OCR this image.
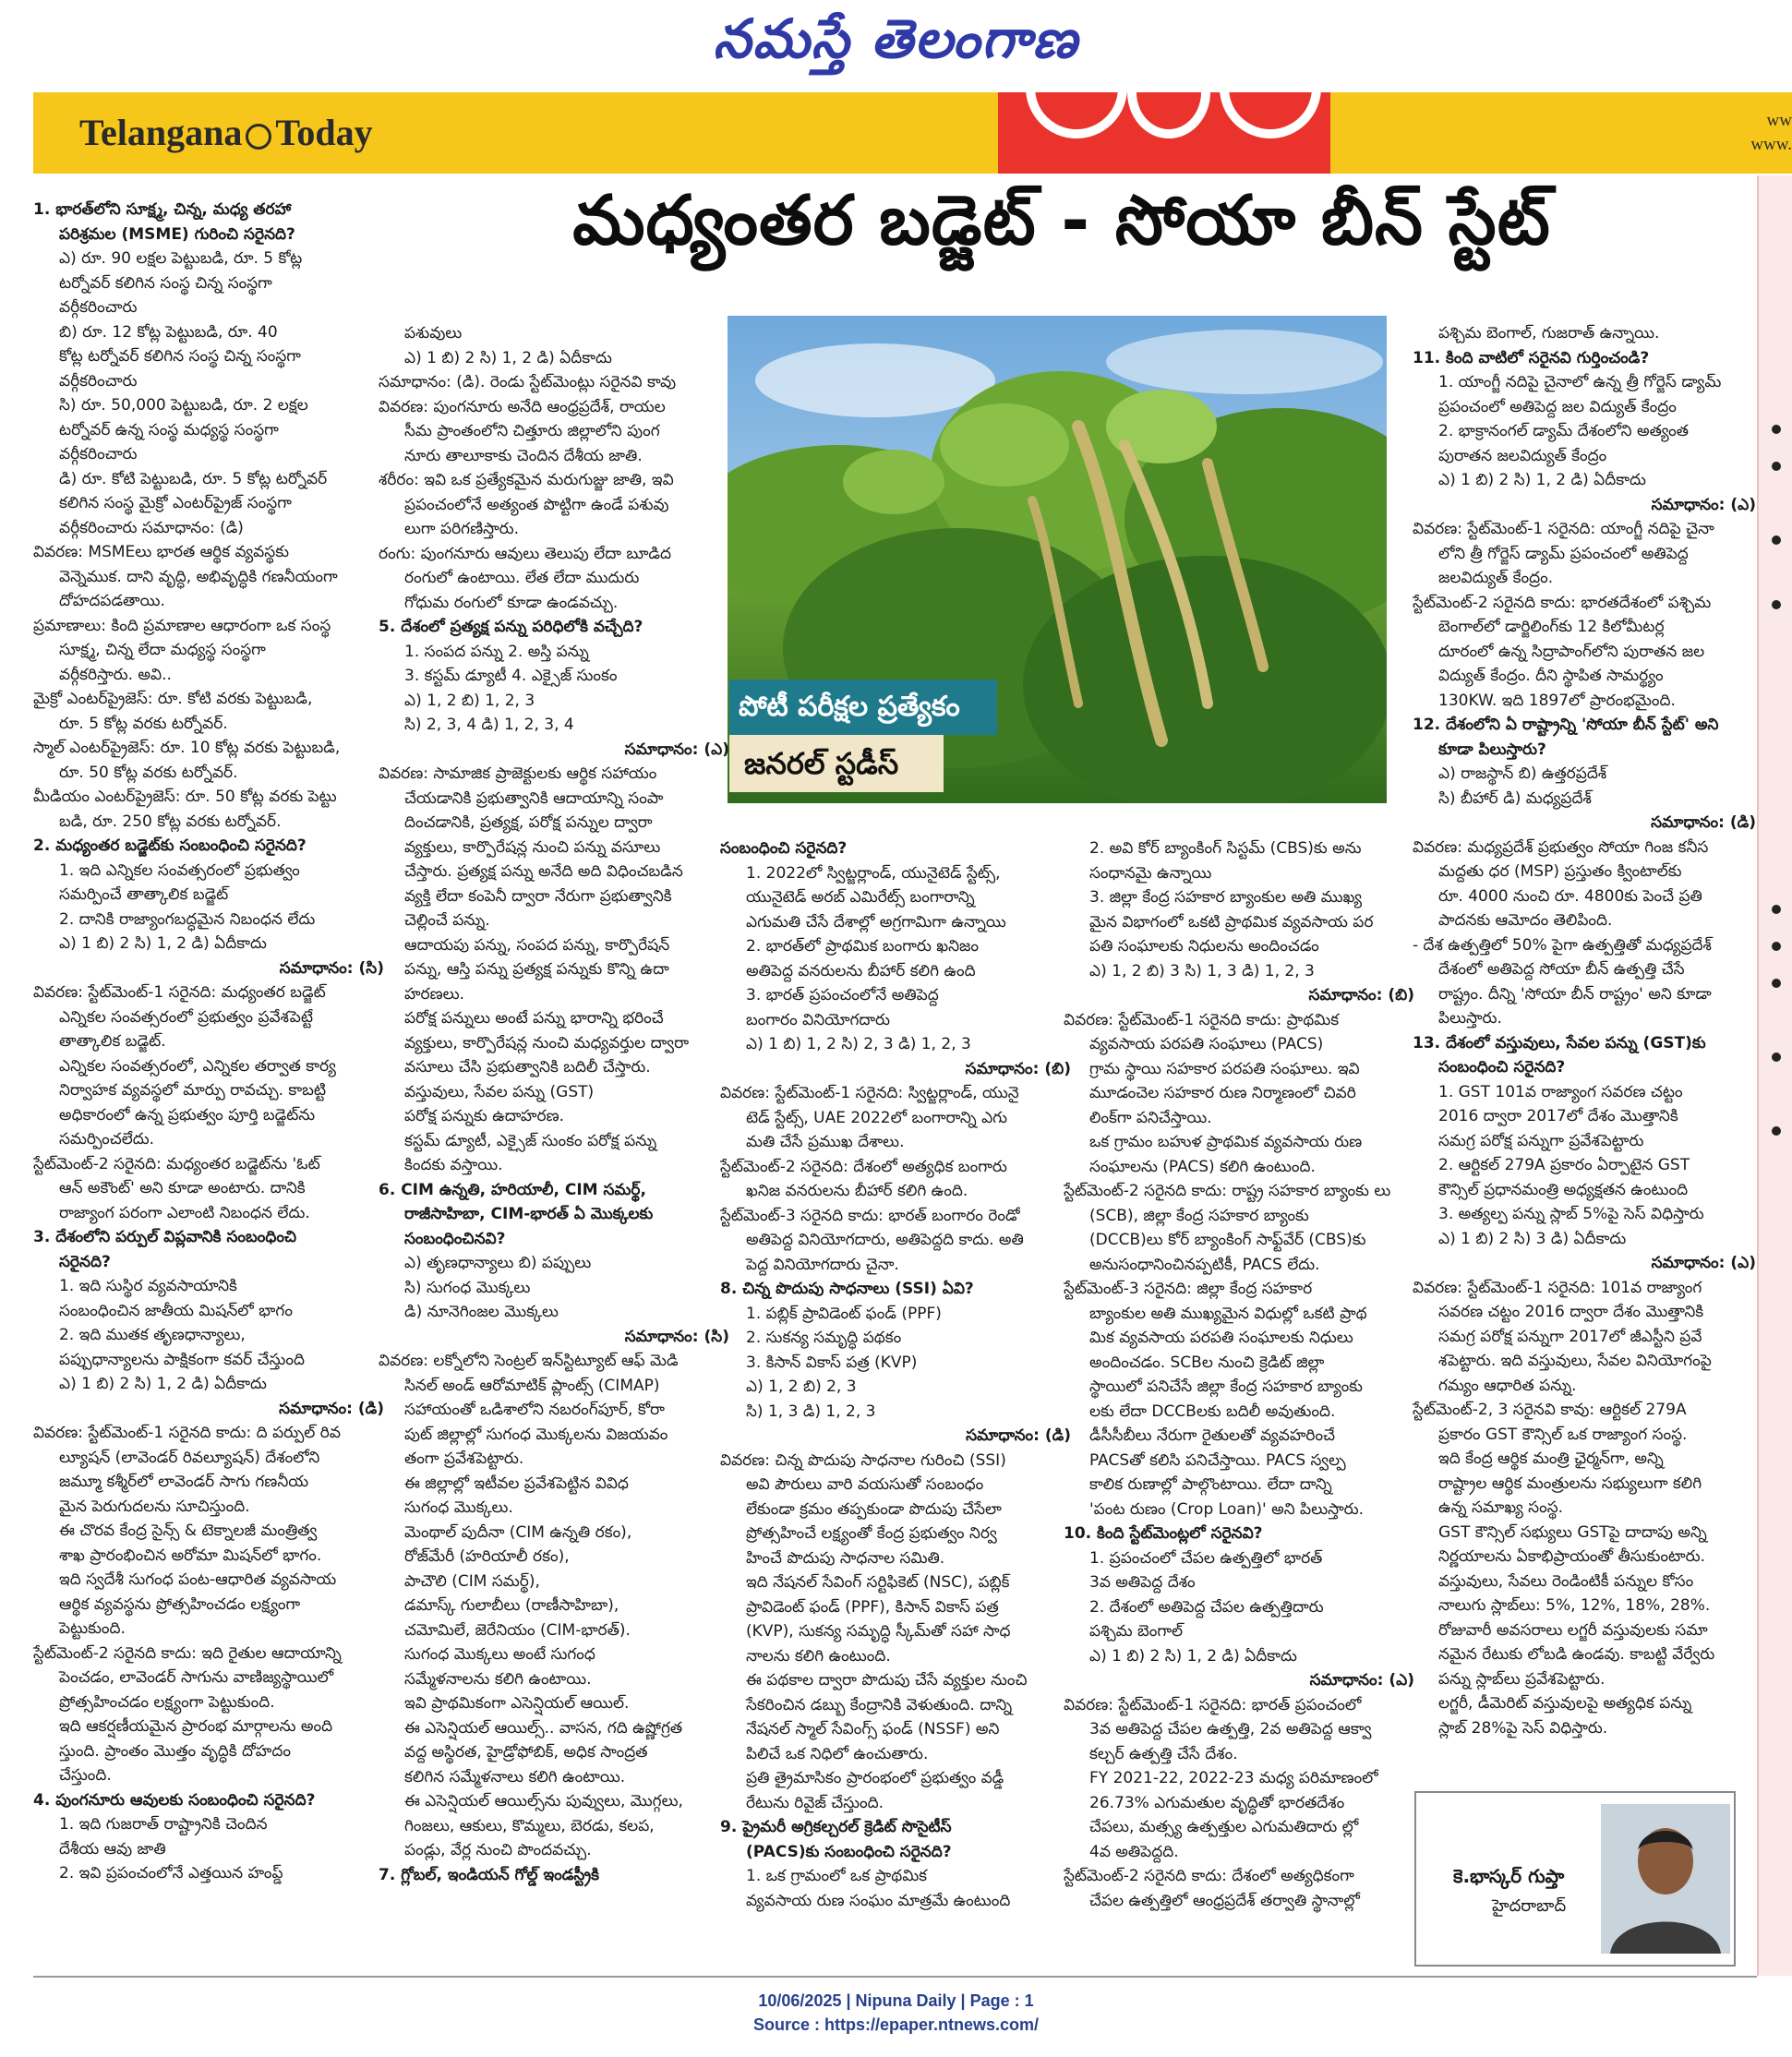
నమస్తే తెలంగాణ
Telangana Today	ww
www.
మధ్యంతర బడ్జెట్ - సోయా బీన్ స్టేట్
పోటీ పరీక్షల ప్రత్యేకం
జనరల్ స్టడీస్

1. భారత్‌లోని సూక్ష్మ, చిన్న, మధ్య తరహా

పరిశ్రమల (MSME) గురించి సరైనది?

ఎ) రూ. 90 లక్షల పెట్టుబడి, రూ. 5 కోట్ల

టర్నోవర్ కలిగిన సంస్థ చిన్న సంస్థగా

వర్గీకరించారు

బి) రూ. 12 కోట్ల పెట్టుబడి, రూ. 40

కోట్ల టర్నోవర్ కలిగిన సంస్థ చిన్న సంస్థగా

వర్గీకరించారు

సి) రూ. 50,000 పెట్టుబడి, రూ. 2 లక్షల

టర్నోవర్ ఉన్న సంస్థ మధ్యస్థ సంస్థగా

వర్గీకరించారు

డి) రూ. కోటి పెట్టుబడి, రూ. 5 కోట్ల టర్నోవర్

కలిగిన సంస్థ మైక్రో ఎంటర్‌ప్రైజ్ సంస్థగా

వర్గీకరించారు సమాధానం: (డి)

వివరణ: MSMEలు భారత ఆర్థిక వ్యవస్థకు

వెన్నెముక. దాని వృద్ధి, అభివృద్ధికి గణనీయంగా

దోహదపడతాయి.

ప్రమాణాలు: కింది ప్రమాణాల ఆధారంగా ఒక సంస్థ

సూక్ష్మ, చిన్న లేదా మధ్యస్థ సంస్థగా

వర్గీకరిస్తారు. అవి..

మైక్రో ఎంటర్‌ప్రైజెస్: రూ. కోటి వరకు పెట్టుబడి,

రూ. 5 కోట్ల వరకు టర్నోవర్.

స్మాల్ ఎంటర్‌ప్రైజెస్: రూ. 10 కోట్ల వరకు పెట్టుబడి,

రూ. 50 కోట్ల వరకు టర్నోవర్.

మీడియం ఎంటర్‌ప్రైజెస్: రూ. 50 కోట్ల వరకు పెట్టు

బడి, రూ. 250 కోట్ల వరకు టర్నోవర్.

2. మధ్యంతర బడ్జెట్‌కు సంబంధించి సరైనది?

1. ఇది ఎన్నికల సంవత్సరంలో ప్రభుత్వం

సమర్పించే తాత్కాలిక బడ్జెట్

2. దానికి రాజ్యాంగబద్ధమైన నిబంధన లేదు

ఎ) 1 బి) 2 సి) 1, 2 డి) ఏదీకాదు

సమాధానం: (సి)

వివరణ: స్టేట్‌మెంట్-1 సరైనది: మధ్యంతర బడ్జెట్

ఎన్నికల సంవత్సరంలో ప్రభుత్వం ప్రవేశపెట్టే

తాత్కాలిక బడ్జెట్.

ఎన్నికల సంవత్సరంలో, ఎన్నికల తర్వాత కార్య

నిర్వాహక వ్యవస్థలో మార్పు రావచ్చు. కాబట్టి

అధికారంలో ఉన్న ప్రభుత్వం పూర్తి బడ్జెట్‌ను

సమర్పించలేదు.

స్టేట్‌మెంట్-2 సరైనది: మధ్యంతర బడ్జెట్‌ను 'ఓట్

ఆన్ అకౌంట్' అని కూడా అంటారు. దానికి

రాజ్యాంగ పరంగా ఎలాంటి నిబంధన లేదు.

3. దేశంలోని పర్పుల్ విప్లవానికి సంబంధించి

సరైనది?

1. ఇది సుస్థిర వ్యవసాయానికి

సంబంధించిన జాతీయ మిషన్‌లో భాగం

2. ఇది ముతక తృణధాన్యాలు,

పప్పుధాన్యాలను పాక్షికంగా కవర్ చేస్తుంది

ఎ) 1 బి) 2 సి) 1, 2 డి) ఏదీకాదు

సమాధానం: (డి)

వివరణ: స్టేట్‌మెంట్-1 సరైనది కాదు: ది పర్పుల్ రివ

ల్యూషన్ (లావెండర్ రివల్యూషన్) దేశంలోని

జమ్మూ కశ్మీర్‌లో లావెండర్ సాగు గణనీయ

మైన పెరుగుదలను సూచిస్తుంది.

ఈ చొరవ కేంద్ర సైన్స్ & టెక్నాలజీ మంత్రిత్వ

శాఖ ప్రారంభించిన అరోమా మిషన్‌లో భాగం.

ఇది స్వదేశీ సుగంధ పంట-ఆధారిత వ్యవసాయ

ఆర్థిక వ్యవస్థను ప్రోత్సహించడం లక్ష్యంగా

పెట్టుకుంది.

స్టేట్‌మెంట్-2 సరైనది కాదు: ఇది రైతుల ఆదాయాన్ని

పెంచడం, లావెండర్ సాగును వాణిజ్యస్థాయిలో

ప్రోత్సహించడం లక్ష్యంగా పెట్టుకుంది.

ఇది ఆకర్షణీయమైన ప్రారంభ మార్గాలను అంది

స్తుంది. ప్రాంతం మొత్తం వృద్ధికి దోహదం

చేస్తుంది.

4. పుంగనూరు ఆవులకు సంబంధించి సరైనది?

1. ఇది గుజరాత్ రాష్ట్రానికి చెందిన

దేశీయ ఆవు జాతి

2. ఇవి ప్రపంచంలోనే ఎత్తయిన హంప్డ్

పశువులు

ఎ) 1 బి) 2 సి) 1, 2 డి) ఏదీకాదు

సమాధానం: (డి). రెండు స్టేట్‌మెంట్లు సరైనవి కావు

వివరణ: పుంగనూరు అనేది ఆంధ్రప్రదేశ్, రాయల

సీమ ప్రాంతంలోని చిత్తూరు జిల్లాలోని పుంగ

నూరు తాలూకాకు చెందిన దేశీయ జాతి.

శరీరం: ఇవి ఒక ప్రత్యేకమైన మరుగుజ్జు జాతి, ఇవి

ప్రపంచంలోనే అత్యంత పొట్టిగా ఉండే పశువు

లుగా పరిగణిస్తారు.

రంగు: పుంగనూరు ఆవులు తెలుపు లేదా బూడిద

రంగులో ఉంటాయి. లేత లేదా ముదురు

గోధుమ రంగులో కూడా ఉండవచ్చు.

5. దేశంలో ప్రత్యక్ష పన్ను పరిధిలోకి వచ్చేది?

1. సంపద పన్ను 2. అస్తి పన్ను

3. కస్టమ్ డ్యూటీ 4. ఎక్సైజ్ సుంకం

ఎ) 1, 2 బి) 1, 2, 3

సి) 2, 3, 4 డి) 1, 2, 3, 4

సమాధానం: (ఎ)

వివరణ: సామాజిక ప్రాజెక్టులకు ఆర్థిక సహాయం

చేయడానికి ప్రభుత్వానికి ఆదాయాన్ని సంపా

దించడానికి, ప్రత్యక్ష, పరోక్ష పన్నుల ద్వారా

వ్యక్తులు, కార్పొరేషన్ల నుంచి పన్ను వసూలు

చేస్తారు. ప్రత్యక్ష పన్ను అనేది అది విధించబడిన

వ్యక్తి లేదా కంపెనీ ద్వారా నేరుగా ప్రభుత్వానికి

చెల్లించే పన్ను.

ఆదాయపు పన్ను, సంపద పన్ను, కార్పొరేషన్

పన్ను, ఆస్తి పన్ను ప్రత్యక్ష పన్నుకు కొన్ని ఉదా

హరణలు.

పరోక్ష పన్నులు అంటే పన్ను భారాన్ని భరించే

వ్యక్తులు, కార్పొరేషన్ల నుంచి మధ్యవర్తుల ద్వారా

వసూలు చేసి ప్రభుత్వానికి బదిలీ చేస్తారు.

వస్తువులు, సేవల పన్ను (GST)

పరోక్ష పన్నుకు ఉదాహరణ.

కస్టమ్ డ్యూటీ, ఎక్సైజ్ సుంకం పరోక్ష పన్ను

కిందకు వస్తాయి.

6. CIM ఉన్నతి, హరియాలీ, CIM సమర్థ్,

రాజీసాహిబా, CIM-భారత్ ఏ మొక్కలకు

సంబంధించినవి?

ఎ) తృణధాన్యాలు బి) పప్పులు

సి) సుగంధ మొక్కలు

డి) నూనెగింజల మొక్కలు

సమాధానం: (సి)

వివరణ: లక్నోలోని సెంట్రల్ ఇన్‌స్టిట్యూట్ ఆఫ్ మెడి

సినల్ అండ్ ఆరోమాటిక్ ప్లాంట్స్ (CIMAP)

సహాయంతో ఒడిశాలోని నబరంగ్‌పూర్, కోరా

పుట్ జిల్లాల్లో సుగంధ మొక్కలను విజయవం

తంగా ప్రవేశపెట్టారు.

ఈ జిల్లాల్లో ఇటీవల ప్రవేశపెట్టిన వివిధ

సుగంధ మొక్కలు.

మెంథాల్ పుదీనా (CIM ఉన్నతి రకం),

రోజ్‌మేరీ (హరియాలీ రకం),

పాచౌలి (CIM సమర్థ్),

డమాస్క్ గులాబీలు (రాణీసాహిబా),

చమోమిలే, జెరేనియం (CIM-భారత్).

సుగంధ మొక్కలు అంటే సుగంధ

సమ్మేళనాలను కలిగి ఉంటాయి.

ఇవి ప్రాథమికంగా ఎసెన్షియల్ ఆయిల్.

ఈ ఎసెన్షియల్ ఆయిల్స్.. వాసన, గది ఉష్ణోగ్రత

వద్ద అస్థిరత, హైడ్రోఫోబిక్, అధిక సాంద్రత

కలిగిన సమ్మేళనాలు కలిగి ఉంటాయి.

ఈ ఎసెన్షియల్ ఆయిల్స్‌ను పువ్వులు, మొగ్గలు,

గింజలు, ఆకులు, కొమ్మలు, బెరడు, కలప,

పండ్లు, వేర్ల నుంచి పొందవచ్చు.

7. గ్లోబల్, ఇండియన్ గోల్డ్ ఇండస్ట్రీకి

సంబంధించి సరైనది?

1. 2022లో స్విట్జర్లాండ్, యునైటెడ్ స్టేట్స్,

యునైటెడ్ అరబ్ ఎమిరేట్స్ బంగారాన్ని

ఎగుమతి చేసే దేశాల్లో అగ్రగామిగా ఉన్నాయి

2. భారత్‌లో ప్రాథమిక బంగారు ఖనిజం

అతిపెద్ద వనరులను బీహార్ కలిగి ఉంది

3. భారత్ ప్రపంచంలోనే అతిపెద్ద

బంగారం వినియోగదారు

ఎ) 1 బి) 1, 2 సి) 2, 3 డి) 1, 2, 3

సమాధానం: (బి)

వివరణ: స్టేట్‌మెంట్-1 సరైనది: స్విట్జర్లాండ్, యునై

టెడ్ స్టేట్స్, UAE 2022లో బంగారాన్ని ఎగు

మతి చేసే ప్రముఖ దేశాలు.

స్టేట్‌మెంట్-2 సరైనది: దేశంలో అత్యధిక బంగారు

ఖనిజ వనరులను బీహార్ కలిగి ఉంది.

స్టేట్‌మెంట్-3 సరైనది కాదు: భారత్ బంగారం రెండో

అతిపెద్ద వినియోగదారు, అతిపెద్దది కాదు. అతి

పెద్ద వినియోగదారు చైనా.

8. చిన్న పొదుపు సాధనాలు (SSI) ఏవి?

1. పబ్లిక్ ప్రావిడెంట్ ఫండ్ (PPF)

2. సుకన్య సమృద్ధి పథకం

3. కిసాన్ వికాస్ పత్ర (KVP)

ఎ) 1, 2 బి) 2, 3

సి) 1, 3 డి) 1, 2, 3

సమాధానం: (డి)

వివరణ: చిన్న పొదుపు సాధనాల గురించి (SSI)

అవి పౌరులు వారి వయసుతో సంబంధం

లేకుండా క్రమం తప్పకుండా పొదుపు చేసేలా

ప్రోత్సహించే లక్ష్యంతో కేంద్ర ప్రభుత్వం నిర్వ

హించే పొదుపు సాధనాల సమితి.

ఇది నేషనల్ సేవింగ్ సర్టిఫికెట్ (NSC), పబ్లిక్

ప్రావిడెంట్ ఫండ్ (PPF), కిసాన్ వికాస్ పత్ర

(KVP), సుకన్య సమృద్ధి స్కీమ్‌తో సహా సాధ

నాలను కలిగి ఉంటుంది.

ఈ పథకాల ద్వారా పొదుపు చేసే వ్యక్తుల నుంచి

సేకరించిన డబ్బు కేంద్రానికి వెళుతుంది. దాన్ని

నేషనల్ స్మాల్ సేవింగ్స్ ఫండ్ (NSSF) అని

పిలిచే ఒక నిధిలో ఉంచుతారు.

ప్రతి త్రైమాసికం ప్రారంభంలో ప్రభుత్వం వడ్డీ

రేటును రివైజ్ చేస్తుంది.

9. ప్రైమరీ అగ్రికల్చరల్ క్రెడిట్ సొసైటీస్

(PACS)కు సంబంధించి సరైనది?

1. ఒక గ్రామంలో ఒక ప్రాథమిక

వ్యవసాయ రుణ సంఘం మాత్రమే ఉంటుంది

2. అవి కోర్ బ్యాంకింగ్ సిస్టమ్ (CBS)కు అను

సంధానమై ఉన్నాయి

3. జిల్లా కేంద్ర సహకార బ్యాంకుల అతి ముఖ్య

మైన విభాగంలో ఒకటి ప్రాథమిక వ్యవసాయ పర

పతి సంఘాలకు నిధులను అందించడం

ఎ) 1, 2 బి) 3 సి) 1, 3 డి) 1, 2, 3

సమాధానం: (బి)

వివరణ: స్టేట్‌మెంట్-1 సరైనది కాదు: ప్రాథమిక

వ్యవసాయ పరపతి సంఘాలు (PACS)

గ్రామ స్థాయి సహకార పరపతి సంఘాలు. ఇవి

మూడంచెల సహకార రుణ నిర్మాణంలో చివరి

లింక్‌గా పనిచేస్తాయి.

ఒక గ్రామం బహుళ ప్రాథమిక వ్యవసాయ రుణ

సంఘాలను (PACS) కలిగి ఉంటుంది.

స్టేట్‌మెంట్-2 సరైనది కాదు: రాష్ట్ర సహకార బ్యాంకు లు

(SCB), జిల్లా కేంద్ర సహకార బ్యాంకు

(DCCB)లు కోర్ బ్యాంకింగ్ సాఫ్ట్‌వేర్ (CBS)కు

అనుసంధానించినప్పటికీ, PACS లేదు.

స్టేట్‌మెంట్-3 సరైనది: జిల్లా కేంద్ర సహకార

బ్యాంకుల అతి ముఖ్యమైన విధుల్లో ఒకటి ప్రాథ

మిక వ్యవసాయ పరపతి సంఘాలకు నిధులు

అందించడం. SCBల నుంచి క్రెడిట్ జిల్లా

స్థాయిలో పనిచేసే జిల్లా కేంద్ర సహకార బ్యాంకు

లకు లేదా DCCBలకు బదిలీ అవుతుంది.

డీసీసీబీలు నేరుగా రైతులతో వ్యవహరించే

PACSతో కలిసి పనిచేస్తాయి. PACS స్వల్ప

కాలిక రుణాల్లో పాల్గొంటాయి. లేదా దాన్ని

'పంట రుణం (Crop Loan)' అని పిలుస్తారు.

10. కింది స్టేట్‌మెంట్లలో సరైనవి?

1. ప్రపంచంలో చేపల ఉత్పత్తిలో భారత్

3వ అతిపెద్ద దేశం

2. దేశంలో అతిపెద్ద చేపల ఉత్పత్తిదారు

పశ్చిమ బెంగాల్

ఎ) 1 బి) 2 సి) 1, 2 డి) ఏదీకాదు

సమాధానం: (ఎ)

వివరణ: స్టేట్‌మెంట్-1 సరైనది: భారత్ ప్రపంచంలో

3వ అతిపెద్ద చేపల ఉత్పత్తి, 2వ అతిపెద్ద ఆక్వా

కల్చర్ ఉత్పత్తి చేసే దేశం.

FY 2021-22, 2022-23 మధ్య పరిమాణంలో

26.73% ఎగుమతుల వృద్ధితో భారతదేశం

చేపలు, మత్స్య ఉత్పత్తుల ఎగుమతిదారు ల్లో

4వ అతిపెద్దది.

స్టేట్‌మెంట్-2 సరైనది కాదు: దేశంలో అత్యధికంగా

చేపల ఉత్పత్తిలో ఆంధ్రప్రదేశ్ తర్వాతి స్థానాల్లో

పశ్చిమ బెంగాల్, గుజరాత్ ఉన్నాయి.

11. కింది వాటిలో సరైనవి గుర్తించండి?

1. యాంగ్జీ నదిపై చైనాలో ఉన్న త్రీ గోర్జెస్ డ్యామ్

ప్రపంచంలో అతిపెద్ద జల విద్యుత్ కేంద్రం

2. భాక్రానంగల్ డ్యామ్ దేశంలోని అత్యంత

పురాతన జలవిద్యుత్ కేంద్రం

ఎ) 1 బి) 2 సి) 1, 2 డి) ఏదీకాదు

సమాధానం: (ఎ)

వివరణ: స్టేట్‌మెంట్-1 సరైనది: యాంగ్జీ నదిపై చైనా

లోని త్రీ గోర్జెస్ డ్యామ్ ప్రపంచంలో అతిపెద్ద

జలవిద్యుత్ కేంద్రం.

స్టేట్‌మెంట్-2 సరైనది కాదు: భారతదేశంలో పశ్చిమ

బెంగాల్‌లో డార్జిలింగ్‌కు 12 కిలోమీటర్ల

దూరంలో ఉన్న సిద్రాపాంగ్‌లోని పురాతన జల

విద్యుత్ కేంద్రం. దీని స్థాపిత సామర్థ్యం

130KW. ఇది 1897లో ప్రారంభమైంది.

12. దేశంలోని ఏ రాష్ట్రాన్ని 'సోయా బీన్ స్టేట్' అని

కూడా పిలుస్తారు?

ఎ) రాజస్థాన్ బి) ఉత్తరప్రదేశ్

సి) బీహార్ డి) మధ్యప్రదేశ్

సమాధానం: (డి)

వివరణ: మధ్యప్రదేశ్ ప్రభుత్వం సోయా గింజ కనీస

మద్దతు ధర (MSP) ప్రస్తుతం క్వింటాల్‌కు

రూ. 4000 నుంచి రూ. 4800కు పెంచే ప్రతి

పాదనకు ఆమోదం తెలిపింది.

- దేశ ఉత్పత్తిలో 50% పైగా ఉత్పత్తితో మధ్యప్రదేశ్

దేశంలో అతిపెద్ద సోయా బీన్ ఉత్పత్తి చేసే

రాష్ట్రం. దీన్ని 'సోయా బీన్ రాష్ట్రం' అని కూడా

పిలుస్తారు.

13. దేశంలో వస్తువులు, సేవల పన్ను (GST)కు

సంబంధించి సరైనది?

1. GST 101వ రాజ్యాంగ సవరణ చట్టం

2016 ద్వారా 2017లో దేశం మొత్తానికి

సమగ్ర పరోక్ష పన్నుగా ప్రవేశపెట్టారు

2. ఆర్టికల్ 279A ప్రకారం ఏర్పాటైన GST

కౌన్సిల్ ప్రధానమంత్రి అధ్యక్షతన ఉంటుంది

3. అత్యల్ప పన్ను స్లాబ్ 5%పై సెస్ విధిస్తారు

ఎ) 1 బి) 2 సి) 3 డి) ఏదీకాదు

సమాధానం: (ఎ)

వివరణ: స్టేట్‌మెంట్-1 సరైనది: 101వ రాజ్యాంగ

సవరణ చట్టం 2016 ద్వారా దేశం మొత్తానికి

సమగ్ర పరోక్ష పన్నుగా 2017లో జీఎస్టీని ప్రవే

శపెట్టారు. ఇది వస్తువులు, సేవల వినియోగంపై

గమ్యం ఆధారిత పన్ను.

స్టేట్‌మెంట్-2, 3 సరైనవి కావు: ఆర్టికల్ 279A

ప్రకారం GST కౌన్సిల్ ఒక రాజ్యాంగ సంస్థ.

ఇది కేంద్ర ఆర్థిక మంత్రి ఛైర్మన్‌గా, అన్ని

రాష్ట్రాల ఆర్థిక మంత్రులను సభ్యులుగా కలిగి

ఉన్న సమాఖ్య సంస్థ.

GST కౌన్సిల్ సభ్యులు GSTపై దాదాపు అన్ని

నిర్ణయాలను ఏకాభిప్రాయంతో తీసుకుంటారు.

వస్తువులు, సేవలు రెండింటికీ పన్నుల కోసం

నాలుగు స్లాబ్‌లు: 5%, 12%, 18%, 28%.

రోజువారీ అవసరాలు లగ్జరీ వస్తువులకు సమా

నమైన రేటుకు లోబడి ఉండవు. కాబట్టి వేర్వేరు

పన్ను స్లాబ్‌లు ప్రవేశపెట్టారు.

లగ్జరీ, డీమెరిట్ వస్తువులపై అత్యధిక పన్ను

స్లాబ్ 28%పై సెస్ విధిస్తారు.

కె.భాస్కర్ గుప్తా
హైదరాబాద్
10/06/2025 | Nipuna Daily | Page : 1
Source : https://epaper.ntnews.com/
